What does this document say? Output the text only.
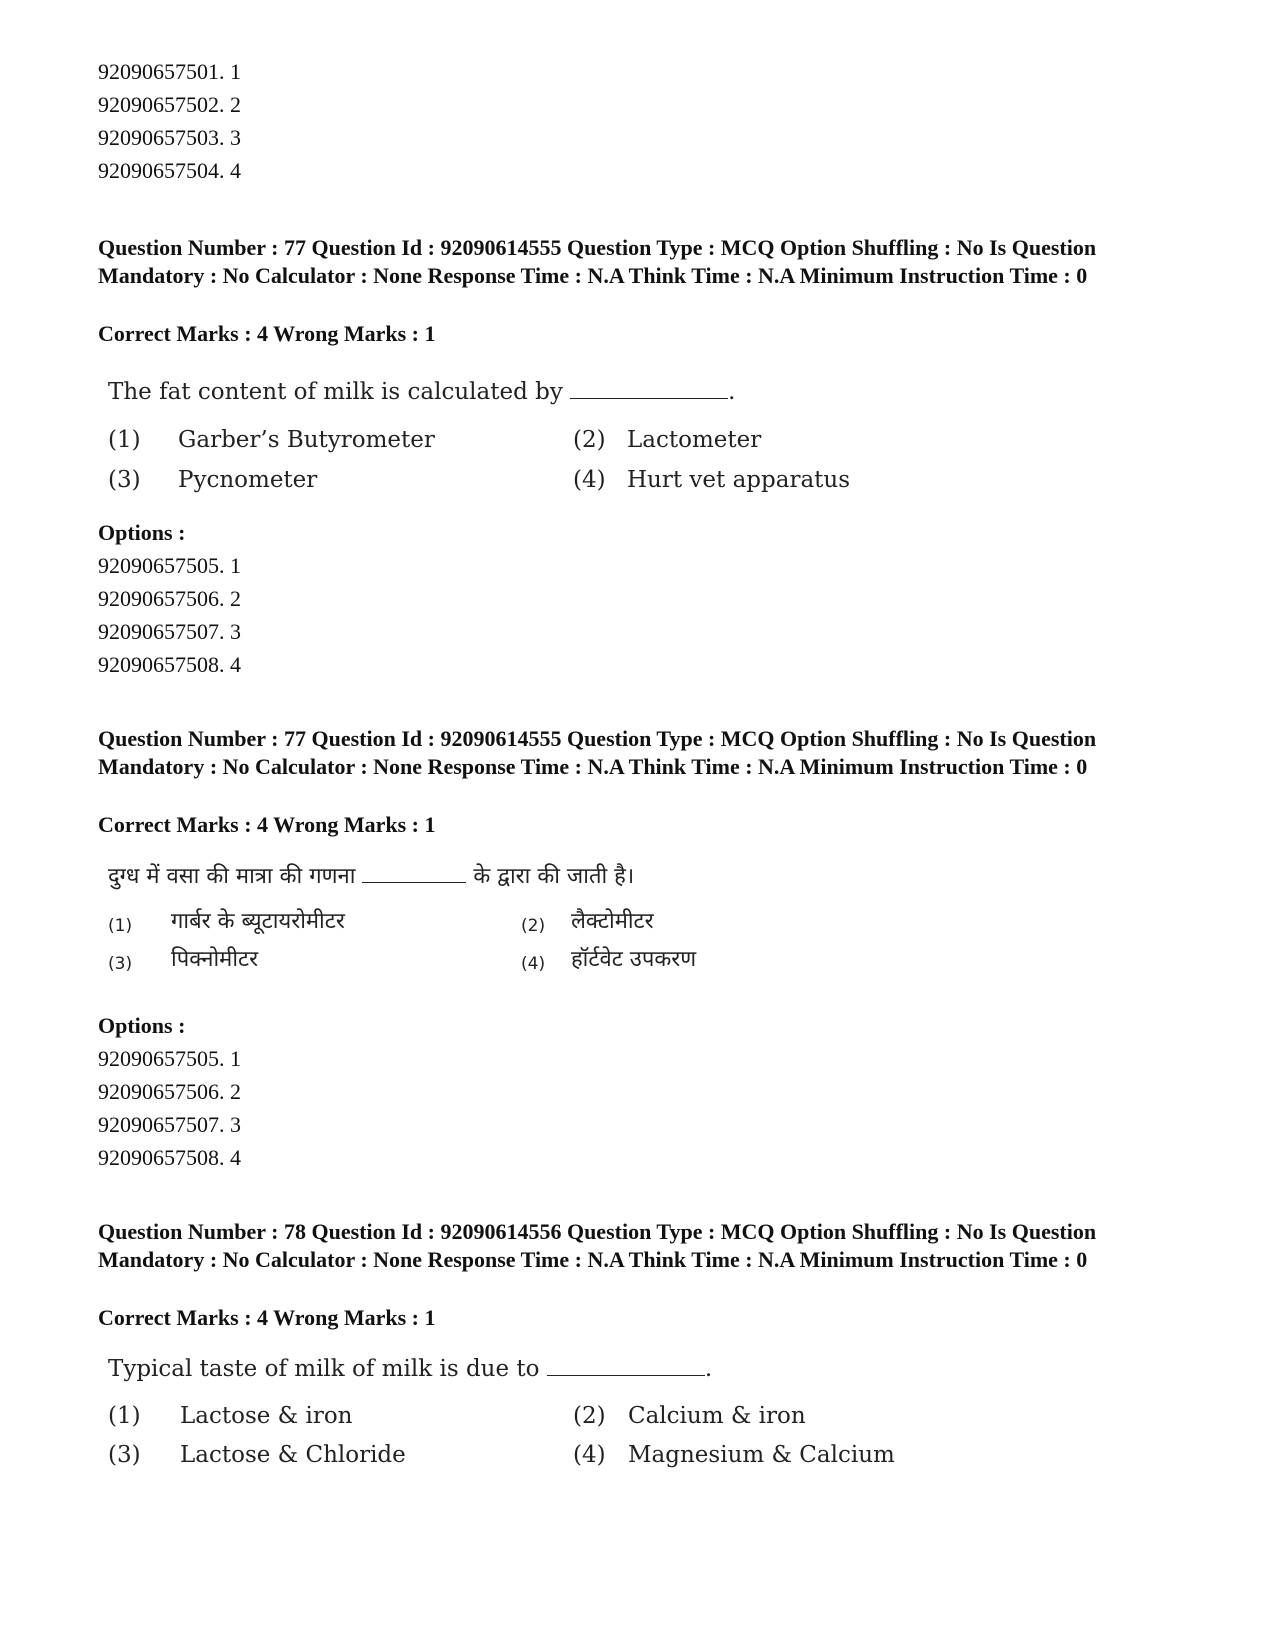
92090657501. 1
92090657502. 2
92090657503. 3
92090657504. 4

Question Number : 77 Question Id : 92090614555 Question Type : MCQ Option Shuffling : No Is Question Mandatory : No Calculator : None Response Time : N.A Think Time : N.A Minimum Instruction Time : 0

Correct Marks : 4 Wrong Marks : 1
The fat content of milk is calculated by	.
(1) Garber’s Butyrometer	(2) Lactometer
(3) Pycnometer	(4) Hurt vet apparatus
Options :
92090657505. 1
92090657506. 2
92090657507. 3
92090657508. 4

Question Number : 77 Question Id : 92090614555 Question Type : MCQ Option Shuffling : No Is Question Mandatory : No Calculator : None Response Time : N.A Think Time : N.A Minimum Instruction Time : 0

Correct Marks : 4 Wrong Marks : 1
दुग्ध में वसा की मात्रा की गणना	के द्वारा की जाती है।
(1) गार्बर के ब्यूटायरोमीटर	(2) लैक्टोमीटर
(3) पिक्नोमीटर	(4) हॉर्टवेट उपकरण
Options :
92090657505. 1
92090657506. 2
92090657507. 3
92090657508. 4

Question Number : 78 Question Id : 92090614556 Question Type : MCQ Option Shuffling : No Is Question Mandatory : No Calculator : None Response Time : N.A Think Time : N.A Minimum Instruction Time : 0

Correct Marks : 4 Wrong Marks : 1
Typical taste of milk of milk is due to	.
(1) Lactose & iron	(2) Calcium & iron
(3) Lactose & Chloride	(4) Magnesium & Calcium
